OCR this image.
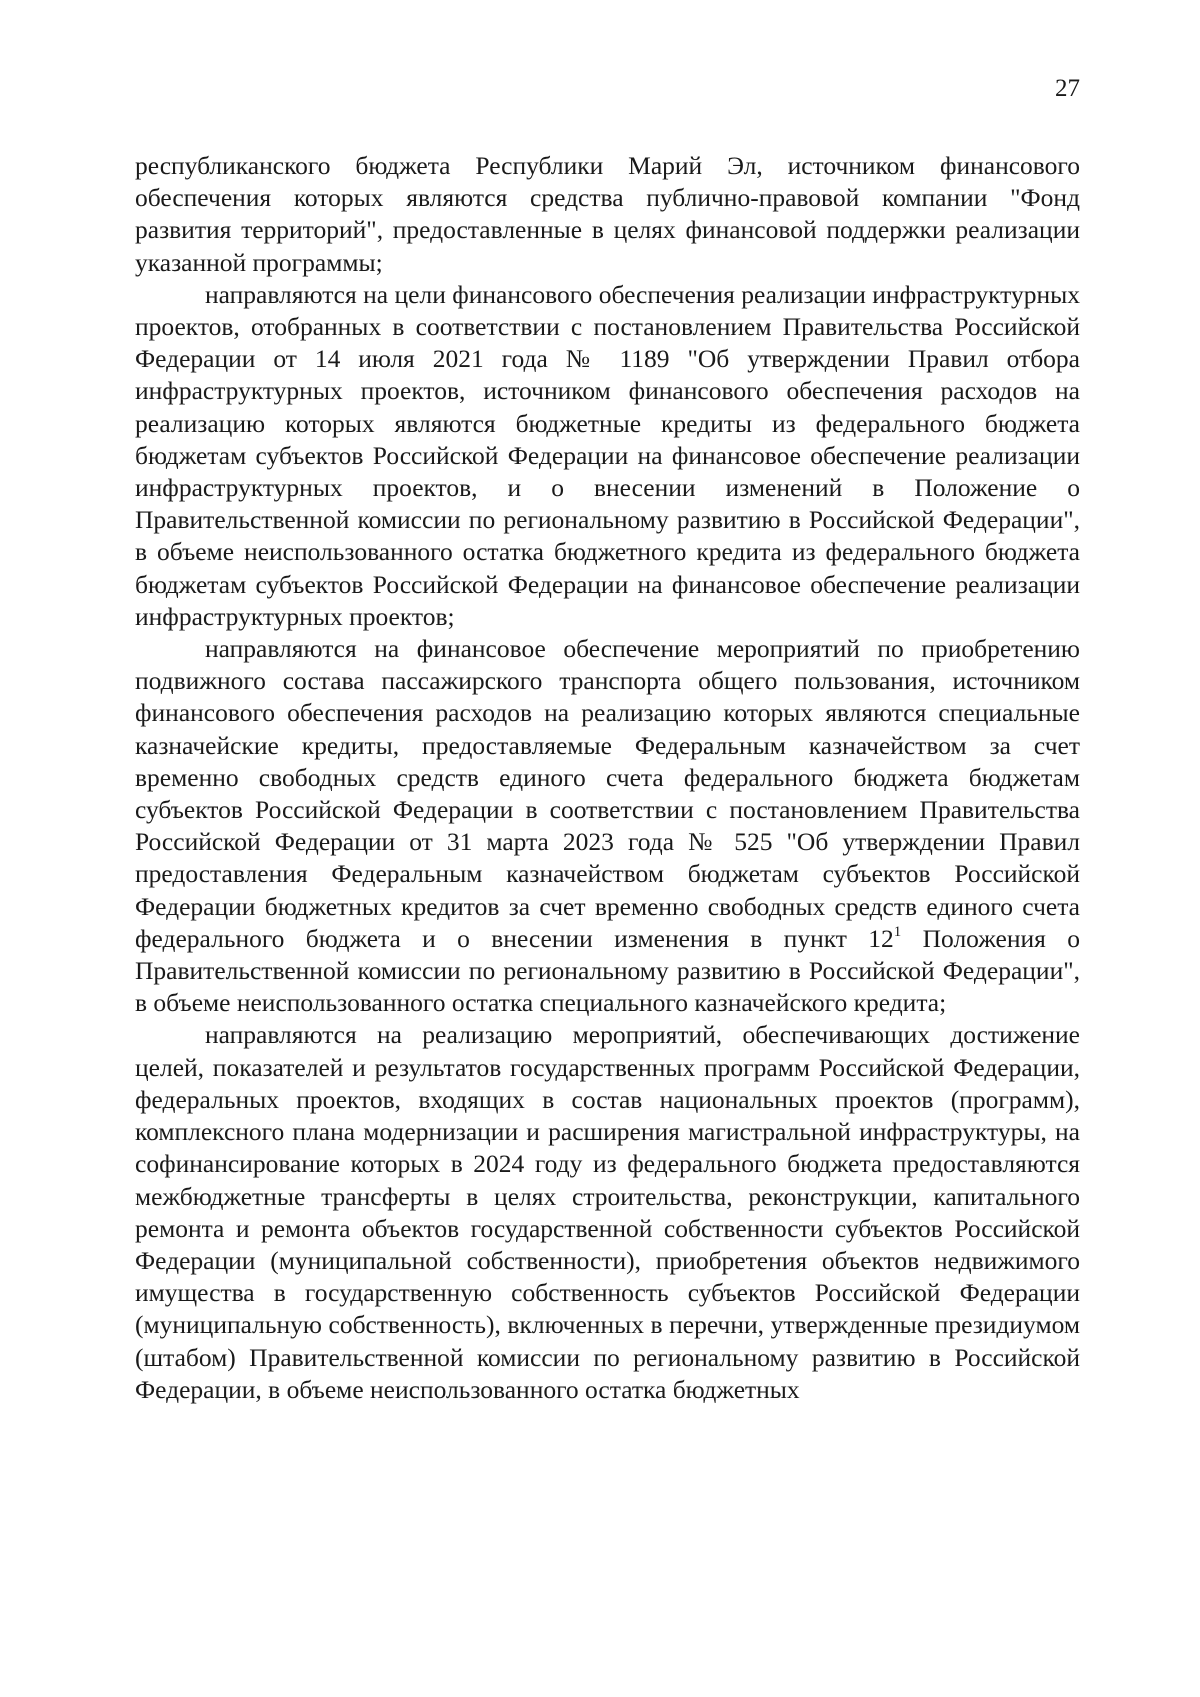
27

республиканского бюджета Республики Марий Эл, источником финансового обеспечения которых являются средства публично-правовой компании "Фонд развития территорий", предоставленные в целях финансовой поддержки реализации указанной программы;

направляются на цели финансового обеспечения реализации инфраструктурных проектов, отобранных в соответствии с постановлением Правительства Российской Федерации от 14 июля 2021 года № 1189 "Об утверждении Правил отбора инфраструктурных проектов, источником финансового обеспечения расходов на реализацию которых являются бюджетные кредиты из федерального бюджета бюджетам субъектов Российской Федерации на финансовое обеспечение реализации инфраструктурных проектов, и о внесении изменений в Положение о Правительственной комиссии по региональному развитию в Российской Федерации", в объеме неиспользованного остатка бюджетного кредита из федерального бюджета бюджетам субъектов Российской Федерации на финансовое обеспечение реализации инфраструктурных проектов;

направляются на финансовое обеспечение мероприятий по приобретению подвижного состава пассажирского транспорта общего пользования, источником финансового обеспечения расходов на реализацию которых являются специальные казначейские кредиты, предоставляемые Федеральным казначейством за счет временно свободных средств единого счета федерального бюджета бюджетам субъектов Российской Федерации в соответствии с постановлением Правительства Российской Федерации от 31 марта 2023 года № 525 "Об утверждении Правил предоставления Федеральным казначейством бюджетам субъектов Российской Федерации бюджетных кредитов за счет временно свободных средств единого счета федерального бюджета и о внесении изменения в пункт $12^1$ Положения о Правительственной комиссии по региональному развитию в Российской Федерации", в объеме неиспользованного остатка специального казначейского кредита;

направляются на реализацию мероприятий, обеспечивающих достижение целей, показателей и результатов государственных программ Российской Федерации, федеральных проектов, входящих в состав национальных проектов (программ), комплексного плана модернизации и расширения магистральной инфраструктуры, на софинансирование которых в 2024 году из федерального бюджета предоставляются межбюджетные трансферты в целях строительства, реконструкции, капитального ремонта и ремонта объектов государственной собственности субъектов Российской Федерации (муниципальной собственности), приобретения объектов недвижимого имущества в государственную собственность субъектов Российской Федерации (муниципальную собственность), включенных в перечни, утвержденные президиумом (штабом) Правительственной комиссии по региональному развитию в Российской Федерации, в объеме неиспользованного остатка бюджетных
